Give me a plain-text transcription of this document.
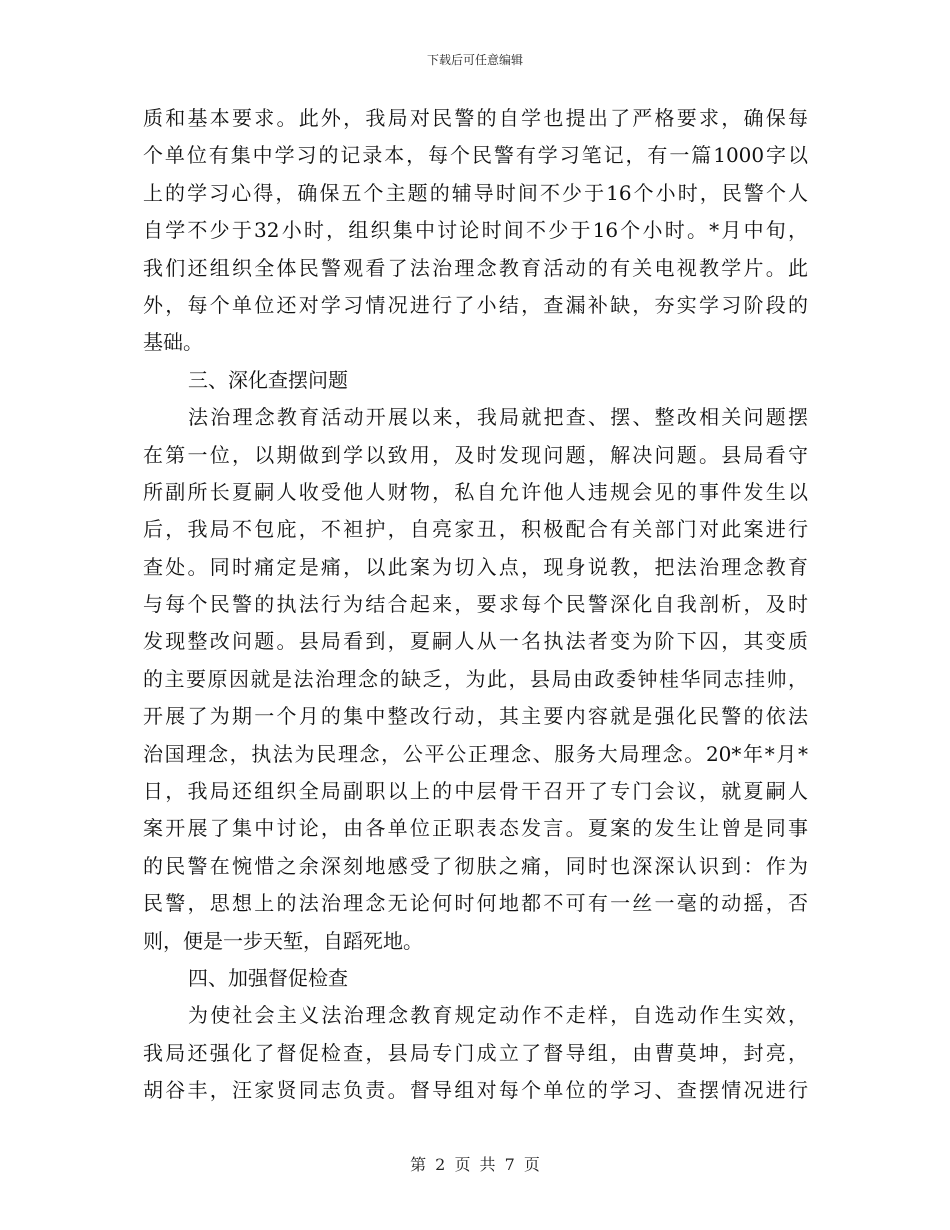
下载后可任意编辑
质和基本要求。此外，我局对民警的自学也提出了严格要求，确保每
个单位有集中学习的记录本，每个民警有学习笔记，有一篇1000字以
上的学习心得，确保五个主题的辅导时间不少于16个小时，民警个人
自学不少于32小时，组织集中讨论时间不少于16个小时。*月中旬，
我们还组织全体民警观看了法治理念教育活动的有关电视教学片。此
外，每个单位还对学习情况进行了小结，查漏补缺，夯实学习阶段的
基础。
三、深化查摆问题
法治理念教育活动开展以来，我局就把查、摆、整改相关问题摆
在第一位，以期做到学以致用，及时发现问题，解决问题。县局看守
所副所长夏嗣人收受他人财物，私自允许他人违规会见的事件发生以
后，我局不包庇，不袒护，自亮家丑，积极配合有关部门对此案进行
查处。同时痛定是痛，以此案为切入点，现身说教，把法治理念教育
与每个民警的执法行为结合起来，要求每个民警深化自我剖析，及时
发现整改问题。县局看到，夏嗣人从一名执法者变为阶下囚，其变质
的主要原因就是法治理念的缺乏，为此，县局由政委钟桂华同志挂帅，
开展了为期一个月的集中整改行动，其主要内容就是强化民警的依法
治国理念，执法为民理念，公平公正理念、服务大局理念。20*年*月*
日，我局还组织全局副职以上的中层骨干召开了专门会议，就夏嗣人
案开展了集中讨论，由各单位正职表态发言。夏案的发生让曾是同事
的民警在惋惜之余深刻地感受了彻肤之痛，同时也深深认识到：作为
民警，思想上的法治理念无论何时何地都不可有一丝一毫的动摇，否
则，便是一步天堑，自蹈死地。
四、加强督促检查
为使社会主义法治理念教育规定动作不走样，自选动作生实效，
我局还强化了督促检查，县局专门成立了督导组，由曹莫坤，封亮，
胡谷丰，汪家贤同志负责。督导组对每个单位的学习、查摆情况进行
第 2 页 共 7 页
